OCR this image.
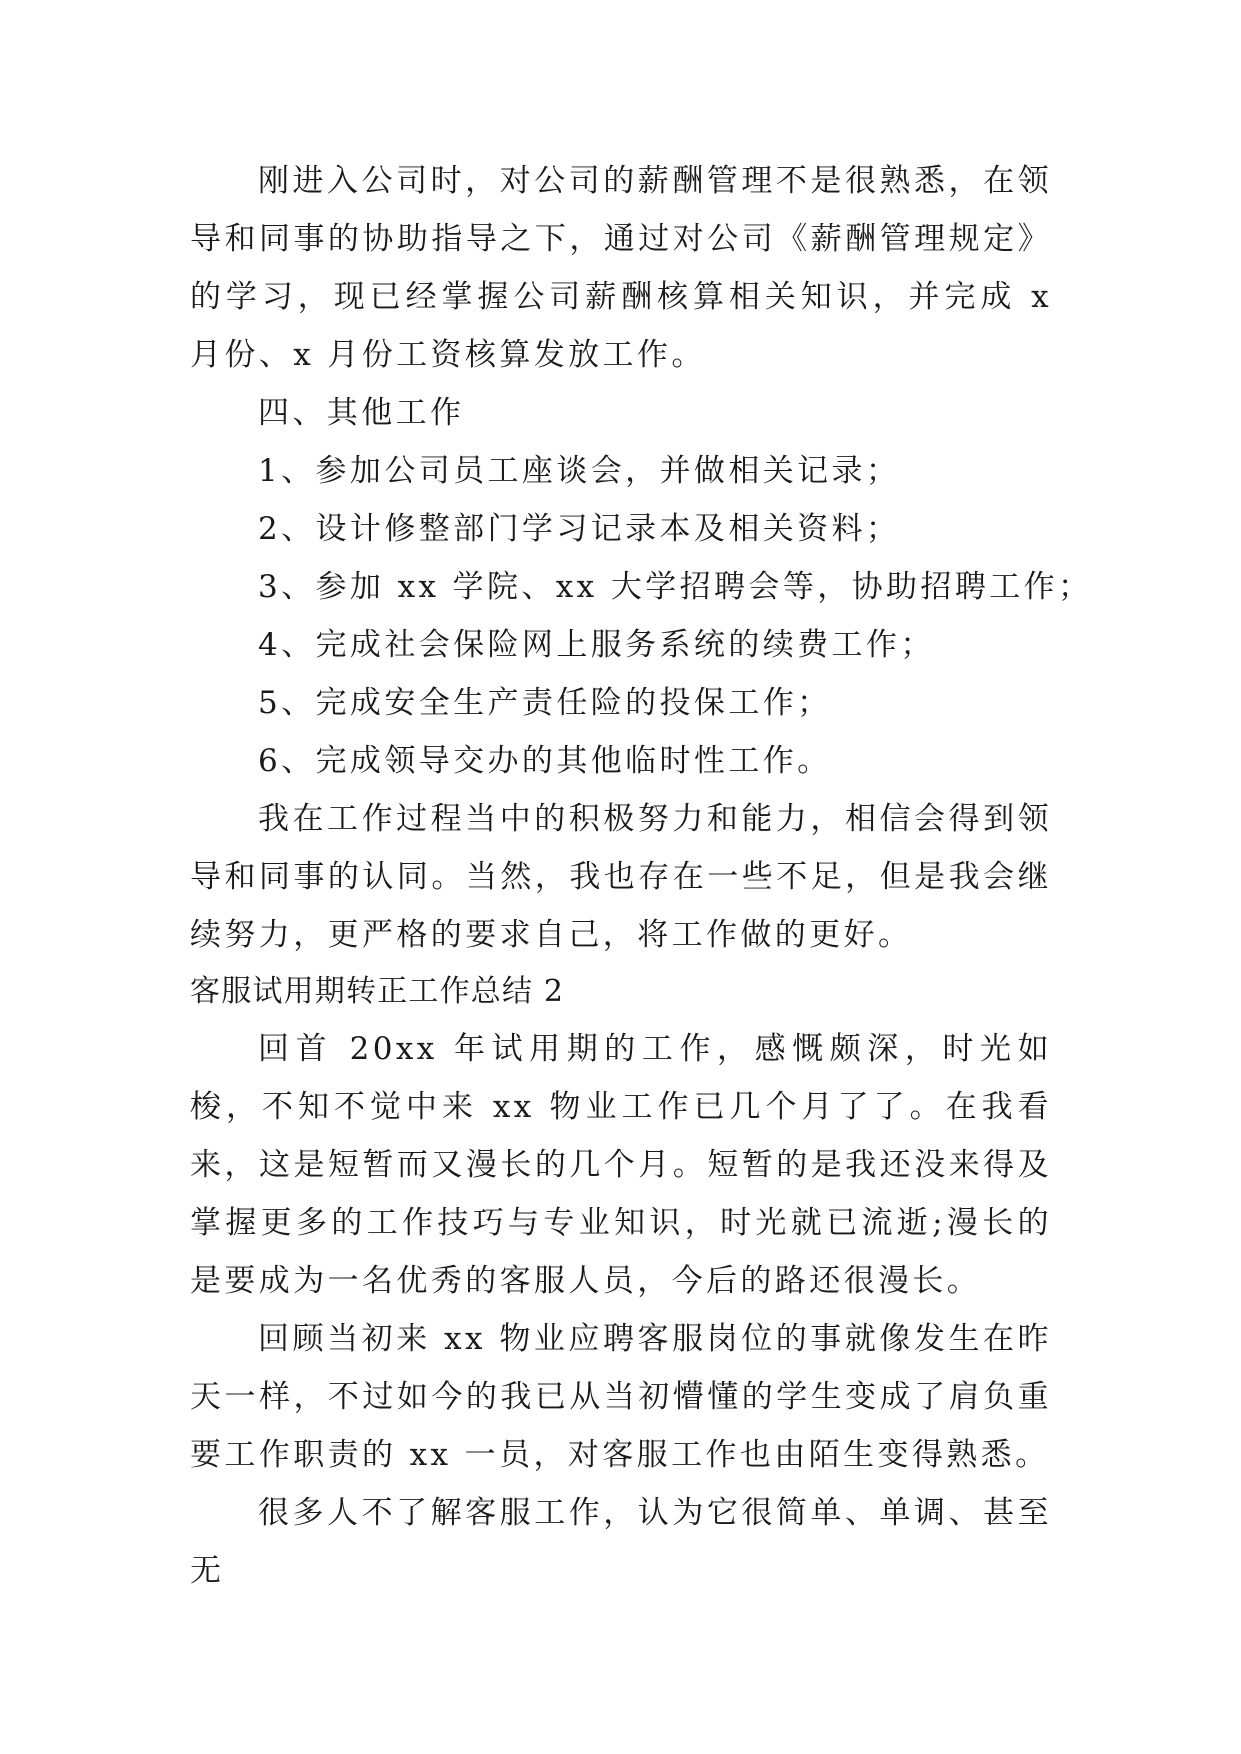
刚进入公司时，对公司的薪酬管理不是很熟悉，在领导和同事的协助指导之下，通过对公司《薪酬管理规定》的学习，现已经掌握公司薪酬核算相关知识，并完成 x 月份、x 月份工资核算发放工作。

四、其他工作

1、参加公司员工座谈会，并做相关记录；

2、设计修整部门学习记录本及相关资料；

3、参加 xx 学院、xx 大学招聘会等，协助招聘工作；

4、完成社会保险网上服务系统的续费工作；

5、完成安全生产责任险的投保工作；

6、完成领导交办的其他临时性工作。

我在工作过程当中的积极努力和能力，相信会得到领导和同事的认同。当然，我也存在一些不足，但是我会继续努力，更严格的要求自己，将工作做的更好。

客服试用期转正工作总结 2

回首 20xx 年试用期的工作，感慨颇深，时光如梭，不知不觉中来 xx 物业工作已几个月了了。在我看来，这是短暂而又漫长的几个月。短暂的是我还没来得及掌握更多的工作技巧与专业知识，时光就已流逝;漫长的是要成为一名优秀的客服人员，今后的路还很漫长。

回顾当初来 xx 物业应聘客服岗位的事就像发生在昨天一样，不过如今的我已从当初懵懂的学生变成了肩负重要工作职责的 xx 一员，对客服工作也由陌生变得熟悉。

很多人不了解客服工作，认为它很简单、单调、甚至无
